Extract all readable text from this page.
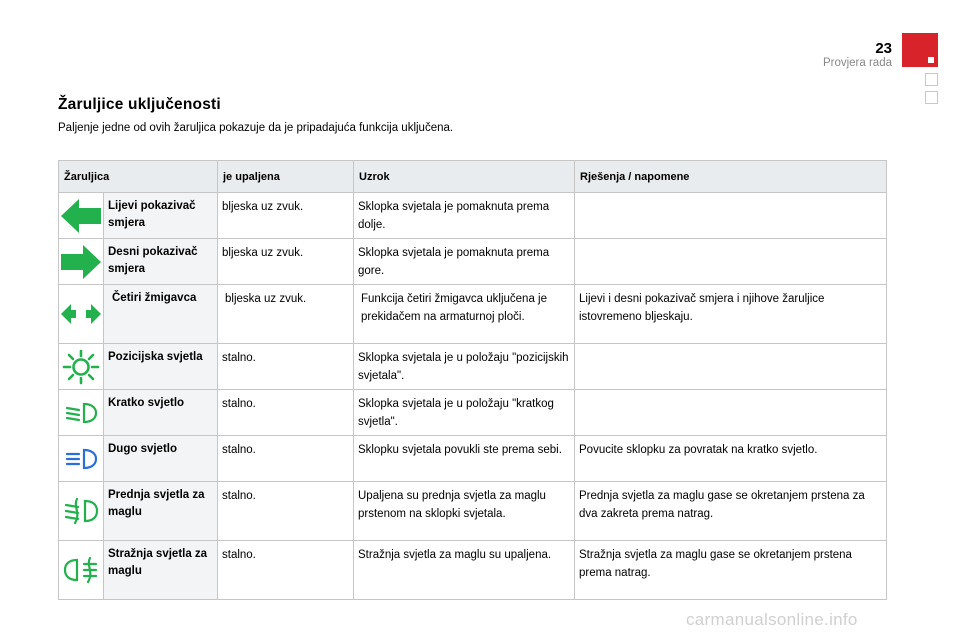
23
Provjera rada
Žaruljice uključenosti

Paljenje jedne od ovih žaruljica pokazuje da je pripadajuća funkcija uključena.

Žaruljica		je upaljena	Uzrok	Rješenja / napomene

	Lijevi pokazivač smjera	bljeska uz zvuk.	Sklopka svjetala je pomaknuta prema dolje.	

	Desni pokazivač smjera	bljeska uz zvuk.	Sklopka svjetala je pomaknuta prema gore.	

	Četiri žmigavca	bljeska uz zvuk.	Funkcija četiri žmigavca uključena je prekidačem na armaturnoj ploči.	Lijevi i desni pokazivač smjera i njihove žaruljice istovremeno bljeskaju.

	Pozicijska svjetla	stalno.	Sklopka svjetala je u položaju "pozicijskih svjetala".	

	Kratko svjetlo	stalno.	Sklopka svjetala je u položaju "kratkog svjetla".	

	Dugo svjetlo	stalno.	Sklopku svjetala povukli ste prema sebi.	Povucite sklopku za povratak na kratko svjetlo.

	Prednja svjetla za maglu	stalno.	Upaljena su prednja svjetla za maglu prstenom na sklopki svjetala.	Prednja svjetla za maglu gase se okretanjem prstena za dva zakreta prema natrag.

	Stražnja svjetla za maglu	stalno.	Stražnja svjetla za maglu su upaljena.	Stražnja svjetla za maglu gase se okretanjem prstena prema natrag.
carmanualsonline.info
